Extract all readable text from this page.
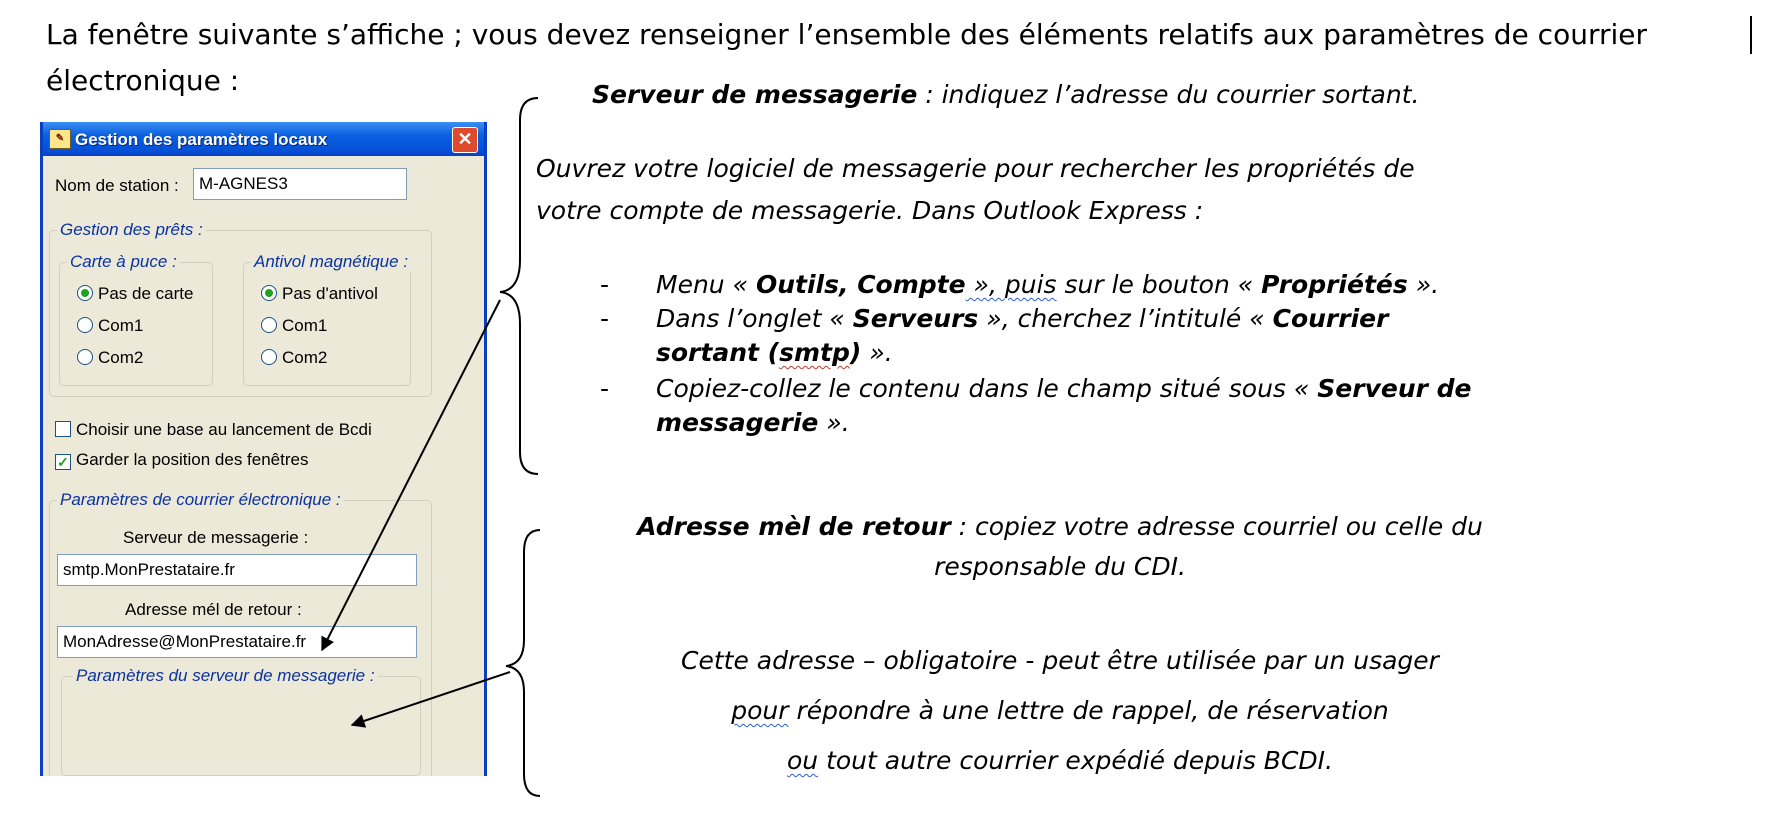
La fenêtre suivante s’affiche ; vous devez renseigner l’ensemble des éléments relatifs aux paramètres de courrier
électronique :
✎ Gestion des paramètres locaux	✕
Nom de station :	M-AGNES3
Gestion des prêts :
Carte à puce :
Pas de carte
Com1
Com2
Antivol magnétique :
Pas d'antivol
Com1
Com2
Choisir une base au lancement de Bcdi
✓ Garder la position des fenêtres
Paramètres de courrier électronique :
Serveur de messagerie :
smtp.MonPrestataire.fr
Adresse mél de retour :
MonAdresse@MonPrestataire.fr
Paramètres du serveur de messagerie :
Serveur de messagerie : indiquez l’adresse du courrier sortant.
Ouvrez votre logiciel de messagerie pour rechercher les propriétés de
votre compte de messagerie. Dans Outlook Express :
- Menu « Outils, Compte », puis sur le bouton « Propriétés ».
- Dans l’onglet « Serveurs », cherchez l’intitulé « Courrier
sortant (smtp) ».
- Copiez-collez le contenu dans le champ situé sous « Serveur de
messagerie ».
Adresse mèl de retour : copiez votre adresse courriel ou celle du
responsable du CDI.
Cette adresse – obligatoire - peut être utilisée par un usager
pour répondre à une lettre de rappel, de réservation
ou tout autre courrier expédié depuis BCDI.
